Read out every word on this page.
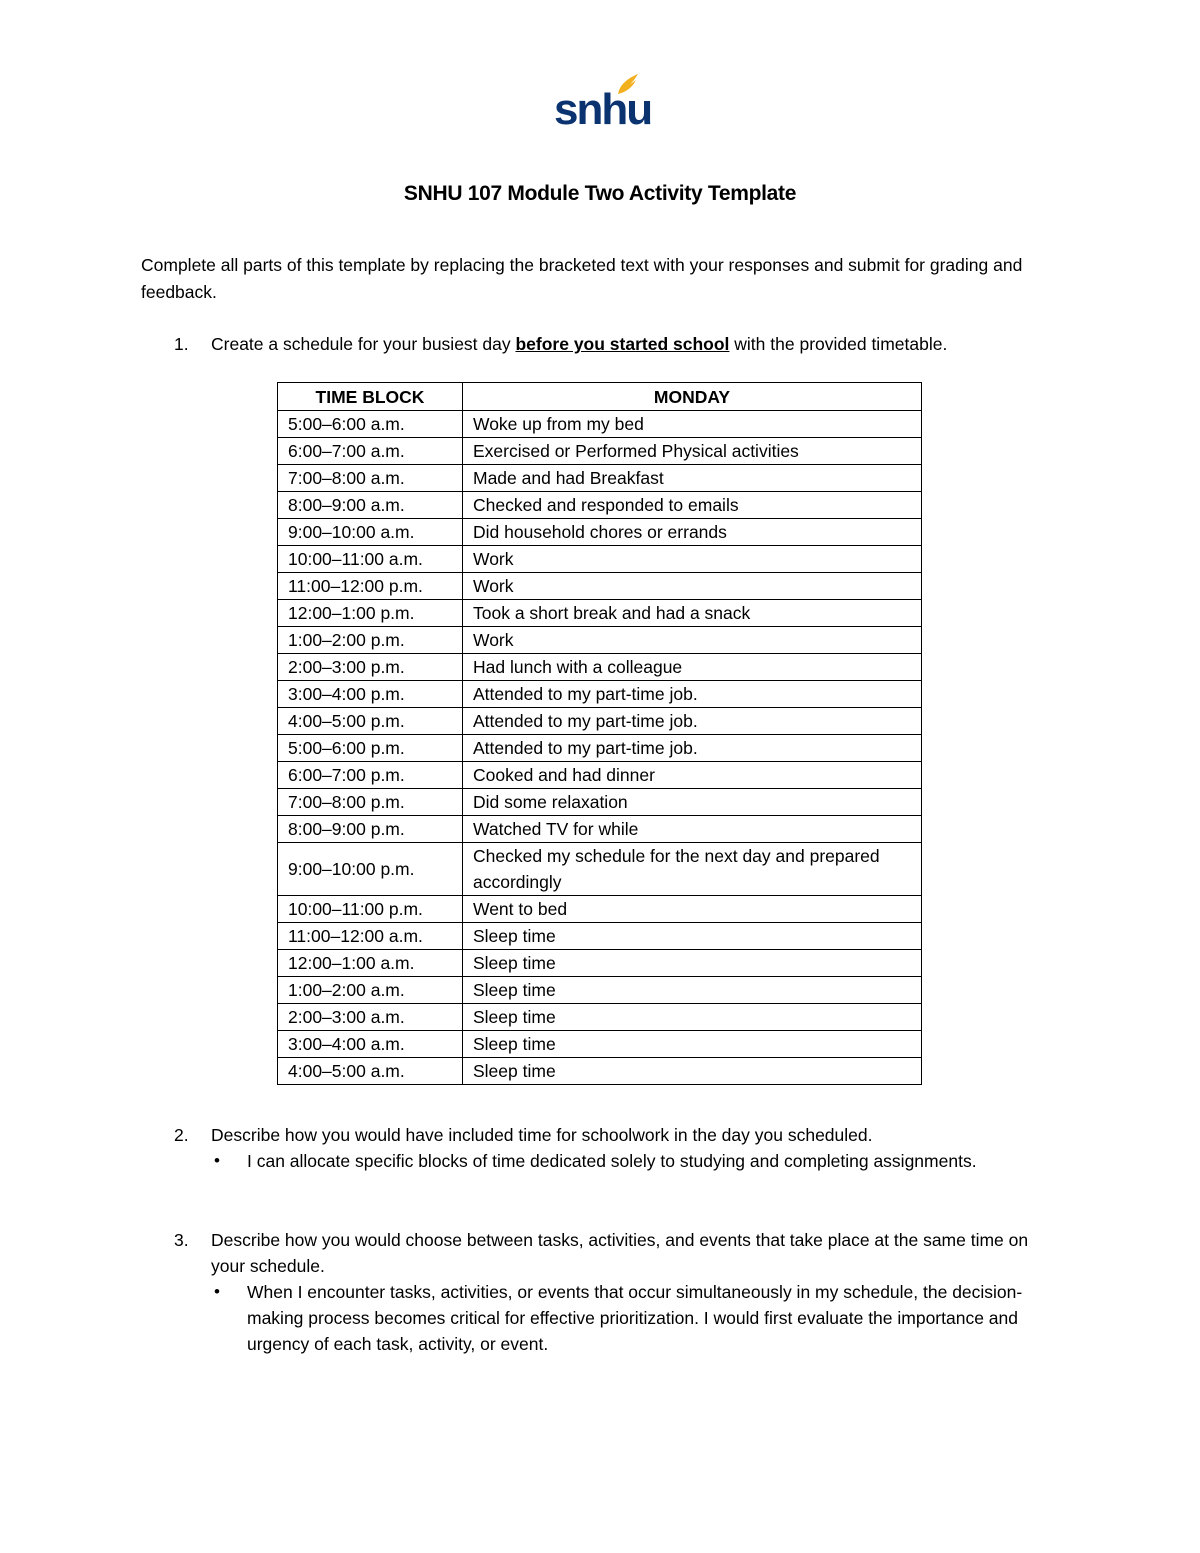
snhu
SNHU 107 Module Two Activity Template
Complete all parts of this template by replacing the bracketed text with your responses and submit for grading and feedback.
1. Create a schedule for your busiest day before you started school with the provided timetable.
TIME BLOCK	MONDAY
5:00–6:00 a.m.	Woke up from my bed
6:00–7:00 a.m.	Exercised or Performed Physical activities
7:00–8:00 a.m.	Made and had Breakfast
8:00–9:00 a.m.	Checked and responded to emails
9:00–10:00 a.m.	Did household chores or errands
10:00–11:00 a.m.	Work
11:00–12:00 p.m.	Work
12:00–1:00 p.m.	Took a short break and had a snack
1:00–2:00 p.m.	Work
2:00–3:00 p.m.	Had lunch with a colleague
3:00–4:00 p.m.	Attended to my part-time job.
4:00–5:00 p.m.	Attended to my part-time job.
5:00–6:00 p.m.	Attended to my part-time job.
6:00–7:00 p.m.	Cooked and had dinner
7:00–8:00 p.m.	Did some relaxation
8:00–9:00 p.m.	Watched TV for while
9:00–10:00 p.m.	Checked my schedule for the next day and prepared accordingly
10:00–11:00 p.m.	Went to bed
11:00–12:00 a.m.	Sleep time
12:00–1:00 a.m.	Sleep time
1:00–2:00 a.m.	Sleep time
2:00–3:00 a.m.	Sleep time
3:00–4:00 a.m.	Sleep time
4:00–5:00 a.m.	Sleep time
2. Describe how you would have included time for schoolwork in the day you scheduled.
• I can allocate specific blocks of time dedicated solely to studying and completing assignments.
3. Describe how you would choose between tasks, activities, and events that take place at the same time on your schedule.
• When I encounter tasks, activities, or events that occur simultaneously in my schedule, the decision-making process becomes critical for effective prioritization. I would first evaluate the importance and urgency of each task, activity, or event.
